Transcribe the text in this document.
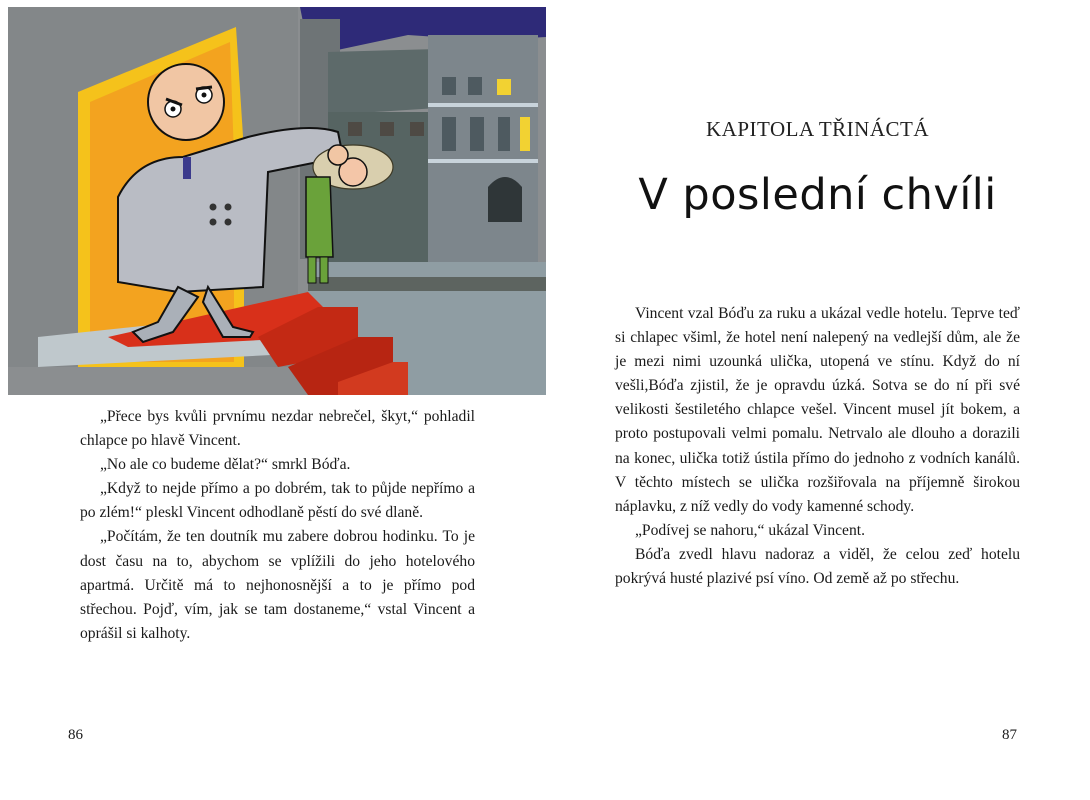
„Přece bys kvůli prvnímu nezdar nebrečel, škyt,“ pohladil chlapce po hlavě Vincent.

„No ale co budeme dělat?“ smrkl Bóďa.

„Když to nejde přímo a po dobrém, tak to půjde nepřímo a po zlém!“ pleskl Vincent odhodlaně pěstí do své dlaně.

„Počítám, že ten doutník mu zabere dobrou hodinku. To je dost času na to, abychom se vplížili do jeho hotelového apartmá. Určitě má to nejhonosnější a to je přímo pod střechou. Pojď, vím, jak se tam dostaneme,“ vstal Vincent a oprášil si kalhoty.

86
KAPITOLA TŘINÁCTÁ
V poslední chvíli

Vincent vzal Bóďu za ruku a ukázal vedle hotelu. Teprve teď si chlapec všiml, že hotel není nalepený na vedlejší dům, ale že je mezi nimi uzounká ulička, utopená ve stínu. Když do ní vešli,Bóďa zjistil, že je opravdu úzká. Sotva se do ní při své velikosti šestiletého chlapce vešel. Vincent musel jít bokem, a proto postupovali velmi pomalu. Netrvalo ale dlouho a dorazili na konec, ulička totiž ústila přímo do jednoho z vodních kanálů. V těchto místech se ulička rozšiřovala na příjemně širokou náplavku, z níž vedly do vody kamenné schody.

„Podívej se nahoru,“ ukázal Vincent.

Bóďa zvedl hlavu nadoraz a viděl, že celou zeď hotelu pokrývá husté plazivé psí víno. Od země až po střechu.

87
